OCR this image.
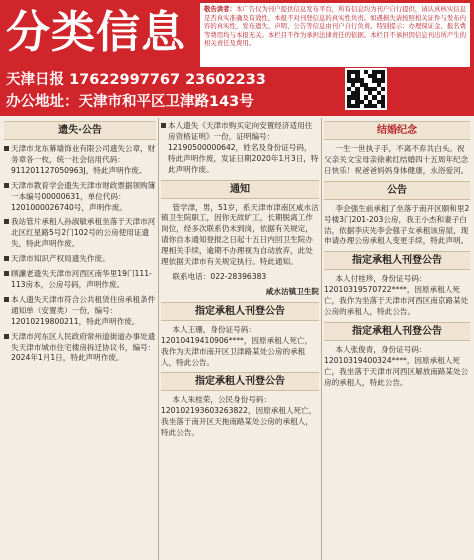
分类信息	敬告读者：本广告仅为刊户提供信息发布平台，所有信息均为刊户自行提供，请认真核实信息是否真实准确及有效性，本报不对刊登信息的真实性负责。如遇损失请按照相关证件与发布内容的真实性，发布遗失、声明、公告等信息由刊户自行负责。特别提示：办理保证金、报名费等费用均与本报无关。本栏目不作为承担法律责任的依据。本栏目不承担因信息刊出所产生的相关责任及费用。
天津日报 17622997767 23602233
办公地址：天津市和平区卫津路143号
遗失·公告
天津市龙东幕墙饰业有限公司遗失公章，财务章各一枚，统一社会信用代码：911201127050963J，特此声明作废。
天津市教育学会遗失天津市财政票据领购簿一本编号00000631，单位代码：1201000026740号，声明作废。
我站管片承租人孙淑敏承租坐落于天津市河北区红星路5号2门102号的公房使用证遗失，特此声明作废。
天津市知识产权局遗失作废。
顾濂老遗失天津市河西区南华里19门111-113房本，公房号码，声明作废。
本人遗失天津市符合公共租赁住房承租条件通知单（安置类）一份，编号：12010219800211，特此声明作废。
天津市河东区人民政府常州道街道办事处遗失天津市城市住宅楼房拆迁协议书，编号：2024年1月1日，特此声明作废。
本人遗失《天津市购买定向安置经济适用住房资格证明》一份，证明编号：12190500000642，姓名及身份证号码，特此声明作废，发证日期2020年1月3日，特此声明作废。
通知

管学津，男，51岁，系天津市津南区咸水沽镇卫生院职工，因你无故旷工，长期脱离工作岗位，经多次联系仍未到岗，依据有关规定，请你自本通知登报之日起十五日内回卫生院办理相关手续，逾期不办理视为自动放弃，此处理依据天津市有关规定执行。特此通知。

联系电话：022-28396383

咸水沽镇卫生院

指定承租人刊登公告

本人王珊，身份证号码：12010419410906****，因原承租人死亡，我作为天津市南开区卫津路某处公房的承租人，特此公告。

指定承租人刊登公告

本人朱桂荣，公民身份号码：120102193603263822，因原承租人死亡，我坐落于南开区天拖南路某处公房的承租人，特此公告。

结婚纪念

一生一世执子手，不离不弃共白头。祝父亲关文宝母亲徐素红结婚四十五周年纪念日快乐！祝爸爸妈妈身体健康，永浴爱河。

公告

李会强生前承租了坐落于南开区颐和里2号楼3门201-203公房，我王小杰和妻子白洁，依据李庆先李会强子女承租该房屋，现申请办理公房承租人变更手续，特此声明。

指定承租人刊登公告

本人付桂珍，身份证号码：12010319570722****，因原承租人死亡，我作为坐落于天津市河西区南京路某处公房的承租人，特此公告。

指定承租人刊登公告

本人张俊青，身份证号码：12010319400324****，因原承租人死亡，我坐落于天津市河西区解放南路某处公房的承租人，特此公告。
